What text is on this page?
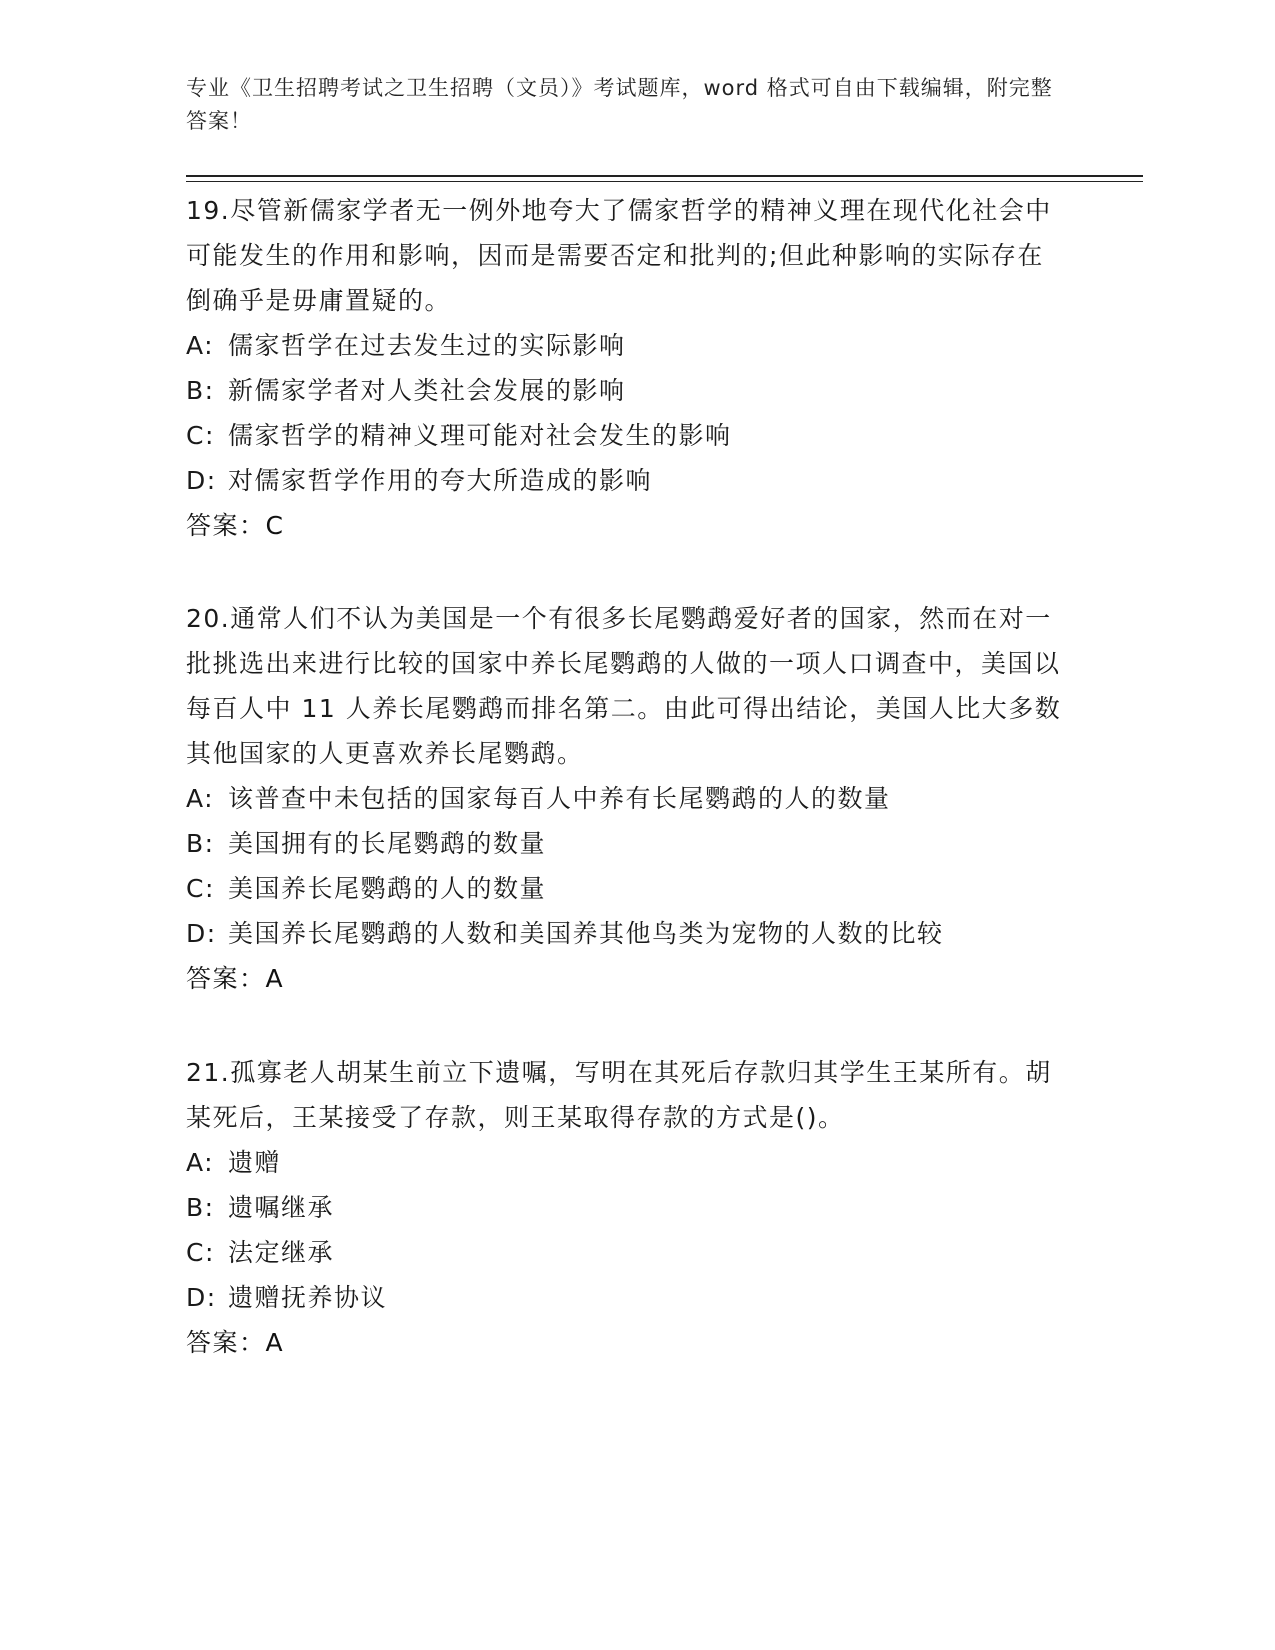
专业《卫生招聘考试之卫生招聘（文员）》考试题库，word 格式可自由下载编辑，附完整答案！

19.尽管新儒家学者无一例外地夸大了儒家哲学的精神义理在现代化社会中可能发生的作用和影响，因而是需要否定和批判的;但此种影响的实际存在倒确乎是毋庸置疑的。

A: 儒家哲学在过去发生过的实际影响

B: 新儒家学者对人类社会发展的影响

C: 儒家哲学的精神义理可能对社会发生的影响

D: 对儒家哲学作用的夸大所造成的影响

答案：C

20.通常人们不认为美国是一个有很多长尾鹦鹉爱好者的国家，然而在对一批挑选出来进行比较的国家中养长尾鹦鹉的人做的一项人口调查中，美国以每百人中 11 人养长尾鹦鹉而排名第二。由此可得出结论，美国人比大多数其他国家的人更喜欢养长尾鹦鹉。

A: 该普查中未包括的国家每百人中养有长尾鹦鹉的人的数量

B: 美国拥有的长尾鹦鹉的数量

C: 美国养长尾鹦鹉的人的数量

D: 美国养长尾鹦鹉的人数和美国养其他鸟类为宠物的人数的比较

答案：A

21.孤寡老人胡某生前立下遗嘱，写明在其死后存款归其学生王某所有。胡某死后，王某接受了存款，则王某取得存款的方式是()。

A: 遗赠

B: 遗嘱继承

C: 法定继承

D: 遗赠抚养协议

答案：A
